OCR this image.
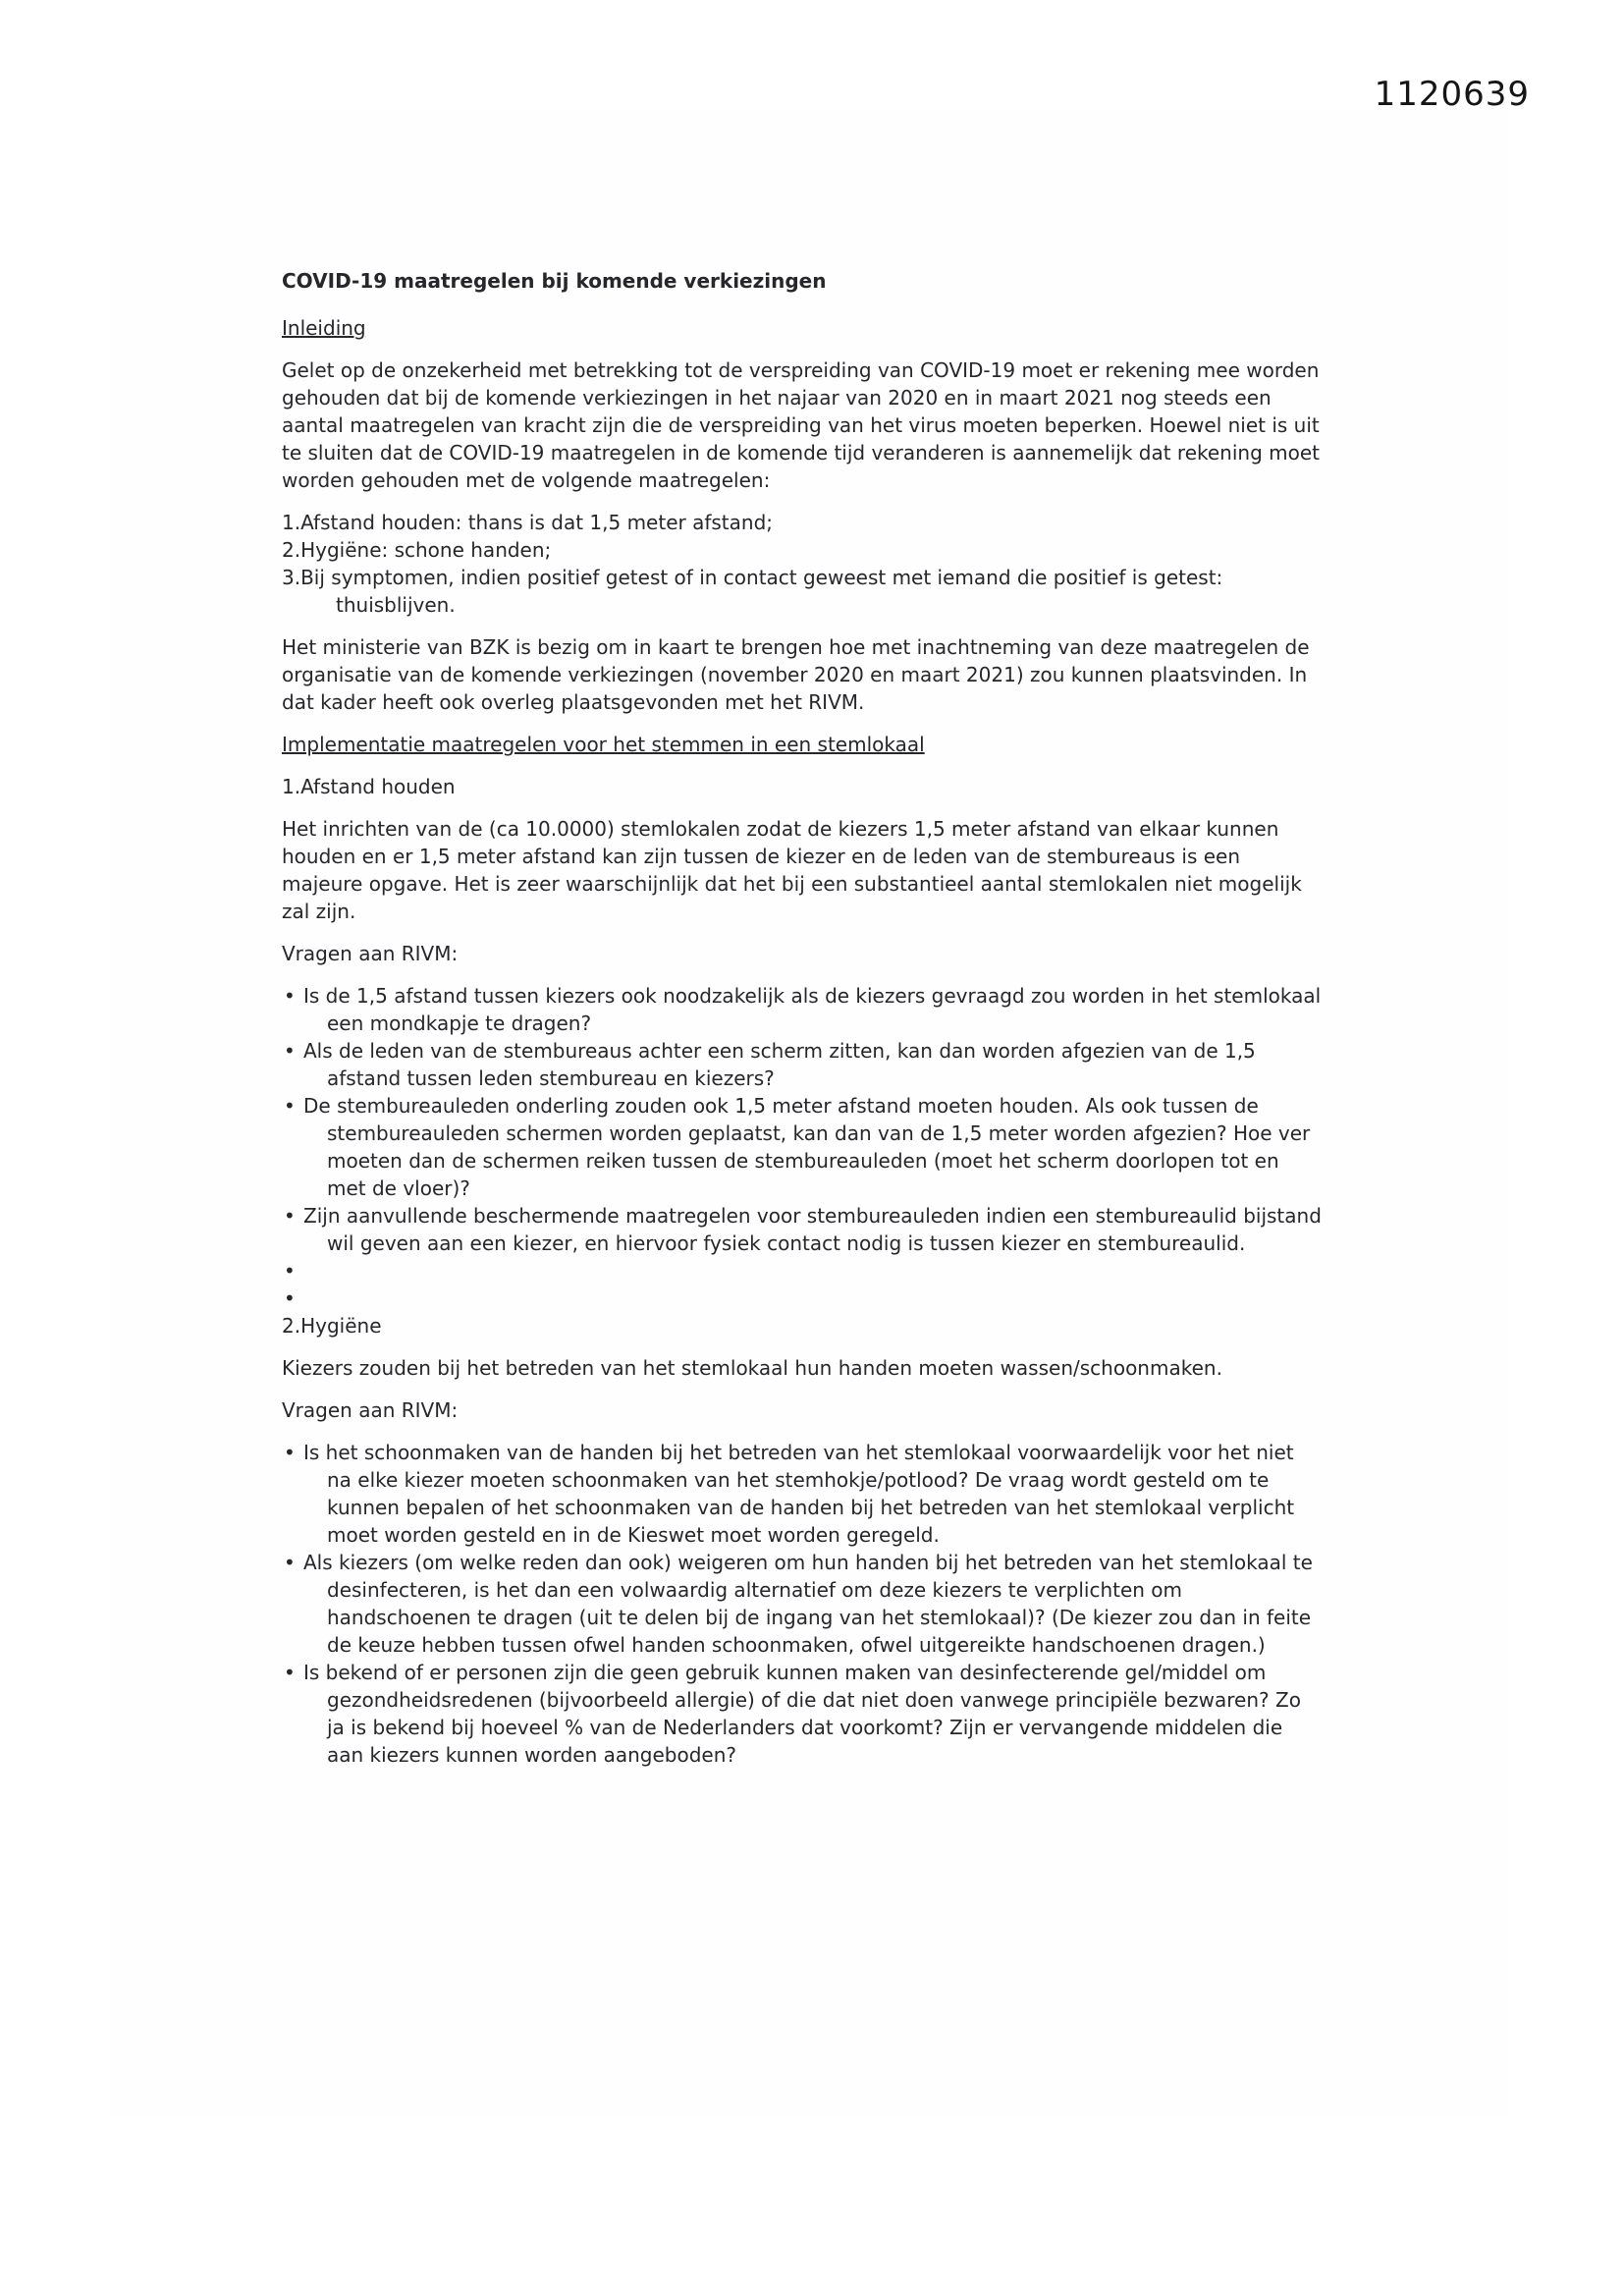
1120639
COVID-19 maatregelen bij komende verkiezingen
Inleiding

Gelet op de onzekerheid met betrekking tot de verspreiding van COVID-19 moet er rekening mee worden gehouden dat bij de komende verkiezingen in het najaar van 2020 en in maart 2021 nog steeds een aantal maatregelen van kracht zijn die de verspreiding van het virus moeten beperken. Hoewel niet is uit te sluiten dat de COVID-19 maatregelen in de komende tijd veranderen is aannemelijk dat rekening moet worden gehouden met de volgende maatregelen:

1.Afstand houden: thans is dat 1,5 meter afstand;
2.Hygiëne: schone handen;
3.Bij symptomen, indien positief getest of in contact geweest met iemand die positief is getest: thuisblijven.

Het ministerie van BZK is bezig om in kaart te brengen hoe met inachtneming van deze maatregelen de organisatie van de komende verkiezingen (november 2020 en maart 2021) zou kunnen plaatsvinden. In dat kader heeft ook overleg plaatsgevonden met het RIVM.

Implementatie maatregelen voor het stemmen in een stemlokaal
1.Afstand houden

Het inrichten van de (ca 10.0000) stemlokalen zodat de kiezers 1,5 meter afstand van elkaar kunnen houden en er 1,5 meter afstand kan zijn tussen de kiezer en de leden van de stembureaus is een majeure opgave. Het is zeer waarschijnlijk dat het bij een substantieel aantal stemlokalen niet mogelijk zal zijn.

Vragen aan RIVM:

• Is de 1,5 afstand tussen kiezers ook noodzakelijk als de kiezers gevraagd zou worden in het stemlokaal een mondkapje te dragen?
• Als de leden van de stembureaus achter een scherm zitten, kan dan worden afgezien van de 1,5 afstand tussen leden stembureau en kiezers?
• De stembureauleden onderling zouden ook 1,5 meter afstand moeten houden. Als ook tussen de stembureauleden schermen worden geplaatst, kan dan van de 1,5 meter worden afgezien? Hoe ver moeten dan de schermen reiken tussen de stembureauleden (moet het scherm doorlopen tot en met de vloer)?
• Zijn aanvullende beschermende maatregelen voor stembureauleden indien een stembureaulid bijstand wil geven aan een kiezer, en hiervoor fysiek contact nodig is tussen kiezer en stembureaulid.
•
•
2.Hygiëne

Kiezers zouden bij het betreden van het stemlokaal hun handen moeten wassen/schoonmaken.

Vragen aan RIVM:

• Is het schoonmaken van de handen bij het betreden van het stemlokaal voorwaardelijk voor het niet na elke kiezer moeten schoonmaken van het stemhokje/potlood? De vraag wordt gesteld om te kunnen bepalen of het schoonmaken van de handen bij het betreden van het stemlokaal verplicht moet worden gesteld en in de Kieswet moet worden geregeld.
• Als kiezers (om welke reden dan ook) weigeren om hun handen bij het betreden van het stemlokaal te desinfecteren, is het dan een volwaardig alternatief om deze kiezers te verplichten om handschoenen te dragen (uit te delen bij de ingang van het stemlokaal)? (De kiezer zou dan in feite de keuze hebben tussen ofwel handen schoonmaken, ofwel uitgereikte handschoenen dragen.)
• Is bekend of er personen zijn die geen gebruik kunnen maken van desinfecterende gel/middel om gezondheidsredenen (bijvoorbeeld allergie) of die dat niet doen vanwege principiële bezwaren? Zo ja is bekend bij hoeveel % van de Nederlanders dat voorkomt? Zijn er vervangende middelen die aan kiezers kunnen worden aangeboden?
